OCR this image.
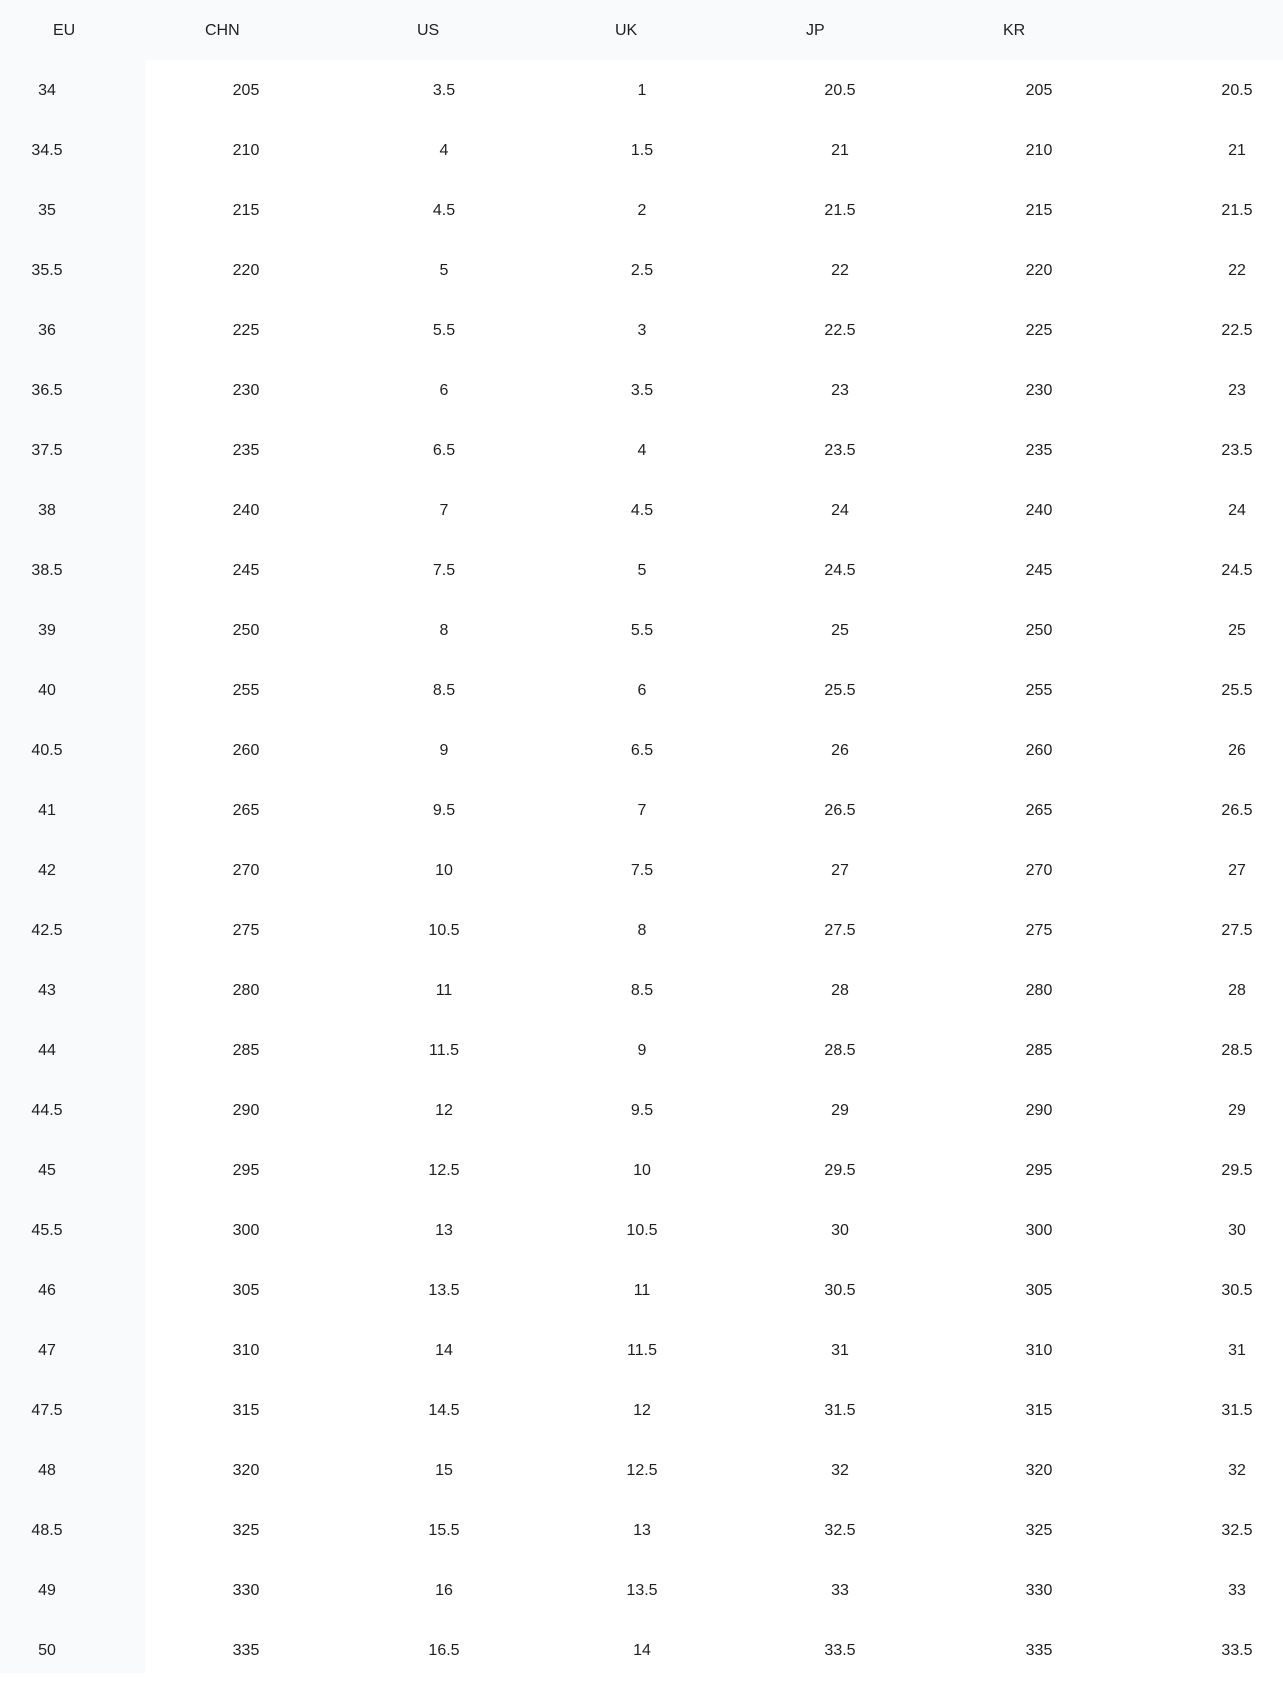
EU	CHN	US	UK	JP	KR
34	205	3.5	1	20.5	205	20.5
34.5	210	4	1.5	21	210	21
35	215	4.5	2	21.5	215	21.5
35.5	220	5	2.5	22	220	22
36	225	5.5	3	22.5	225	22.5
36.5	230	6	3.5	23	230	23
37.5	235	6.5	4	23.5	235	23.5
38	240	7	4.5	24	240	24
38.5	245	7.5	5	24.5	245	24.5
39	250	8	5.5	25	250	25
40	255	8.5	6	25.5	255	25.5
40.5	260	9	6.5	26	260	26
41	265	9.5	7	26.5	265	26.5
42	270	10	7.5	27	270	27
42.5	275	10.5	8	27.5	275	27.5
43	280	11	8.5	28	280	28
44	285	11.5	9	28.5	285	28.5
44.5	290	12	9.5	29	290	29
45	295	12.5	10	29.5	295	29.5
45.5	300	13	10.5	30	300	30
46	305	13.5	11	30.5	305	30.5
47	310	14	11.5	31	310	31
47.5	315	14.5	12	31.5	315	31.5
48	320	15	12.5	32	320	32
48.5	325	15.5	13	32.5	325	32.5
49	330	16	13.5	33	330	33
50	335	16.5	14	33.5	335	33.5
